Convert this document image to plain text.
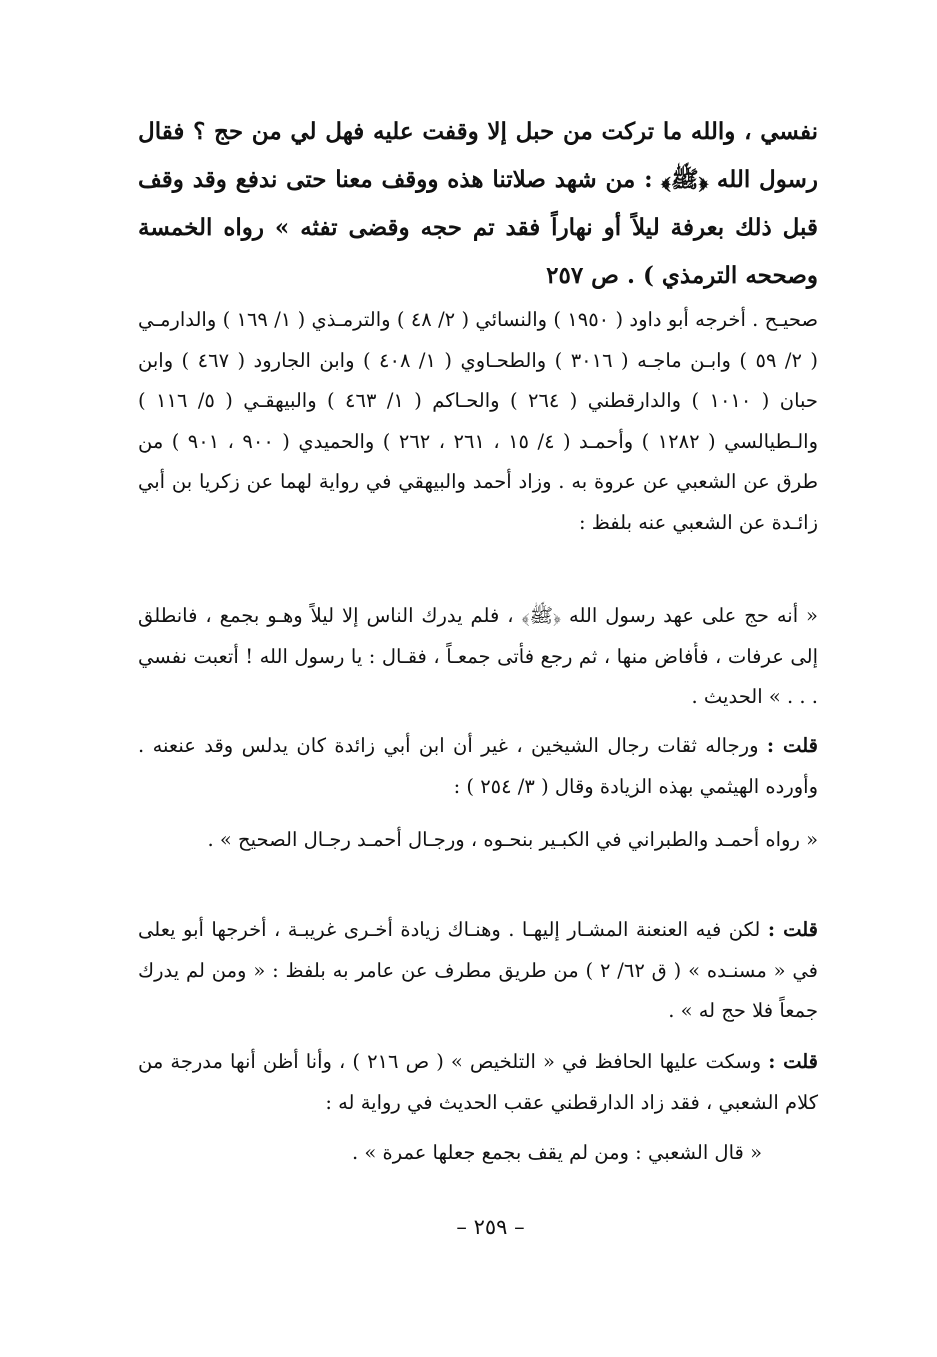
نفسي ، والله ما تركت من حبل إلا وقفت عليه فهل لي من حج ؟ فقال رسول الله ﴿ﷺ﴾ : من شهد صلاتنا هذه ووقف معنا حتى ندفع وقد وقف قبل ذلك بعرفة ليلاً أو نهاراً فقد تم حجه وقضى تفثه » رواه الخمسة وصححه الترمذي ) . ص ٢٥٧

صحيـح . أخرجه أبو داود ( ١٩٥٠ ) والنسائي ( ٢/ ٤٨ ) والترمـذي ( ١/ ١٦٩ ) والدارمـي ( ٢/ ٥٩ ) وابـن ماجـه ( ٣٠١٦ ) والطحـاوي ( ١/ ٤٠٨ ) وابن الجارود ( ٤٦٧ ) وابن حبان ( ١٠١٠ ) والدارقطني ( ٢٦٤ ) والحـاكم ( ١/ ٤٦٣ ) والبيهقـي ( ٥/ ١١٦ ) والـطيالسي ( ١٢٨٢ ) وأحمـد ( ٤/ ١٥ ، ٢٦١ ، ٢٦٢ ) والحميدي ( ٩٠٠ ، ٩٠١ ) من طرق عن الشعبي عن عروة به . وزاد أحمد والبيهقي في رواية لهما عن زكريا بن أبي زائـدة عن الشعبي عنه بلفظ :

« أنه حج على عهد رسول الله ﴿ﷺ﴾ ، فلم يدرك الناس إلا ليلاً وهـو بجمع ، فانطلق إلى عرفات ، فأفاض منها ، ثم رجع فأتى جمعـاً ، فقـال : يا رسول الله ! أتعبت نفسي . . . » الحديث .

قلت : ورجاله ثقات رجال الشيخين ، غير أن ابن أبي زائدة كان يدلس وقد عنعنه . وأورده الهيثمي بهذه الزيادة وقال ( ٣/ ٢٥٤ ) :

« رواه أحمـد والطبراني في الكبـير بنحـوه ، ورجـال أحمـد رجـال الصحيح » .

قلت : لكن فيه العنعنة المشـار إليهـا . وهنـاك زيادة أخـرى غريبـة ، أخرجها أبو يعلى في « مسنـده » ( ق ٦٢/ ٢ ) من طريق مطرف عن عامر به بلفظ : « ومن لم يدرك جمعاً فلا حج له » .

قلت : وسكت عليها الحافظ في « التلخيص » ( ص ٢١٦ ) ، وأنا أظن أنها مدرجة من كلام الشعبي ، فقد زاد الدارقطني عقب الحديث في رواية له :

« قال الشعبي : ومن لم يقف بجمع جعلها عمرة » .

– ٢٥٩ –
